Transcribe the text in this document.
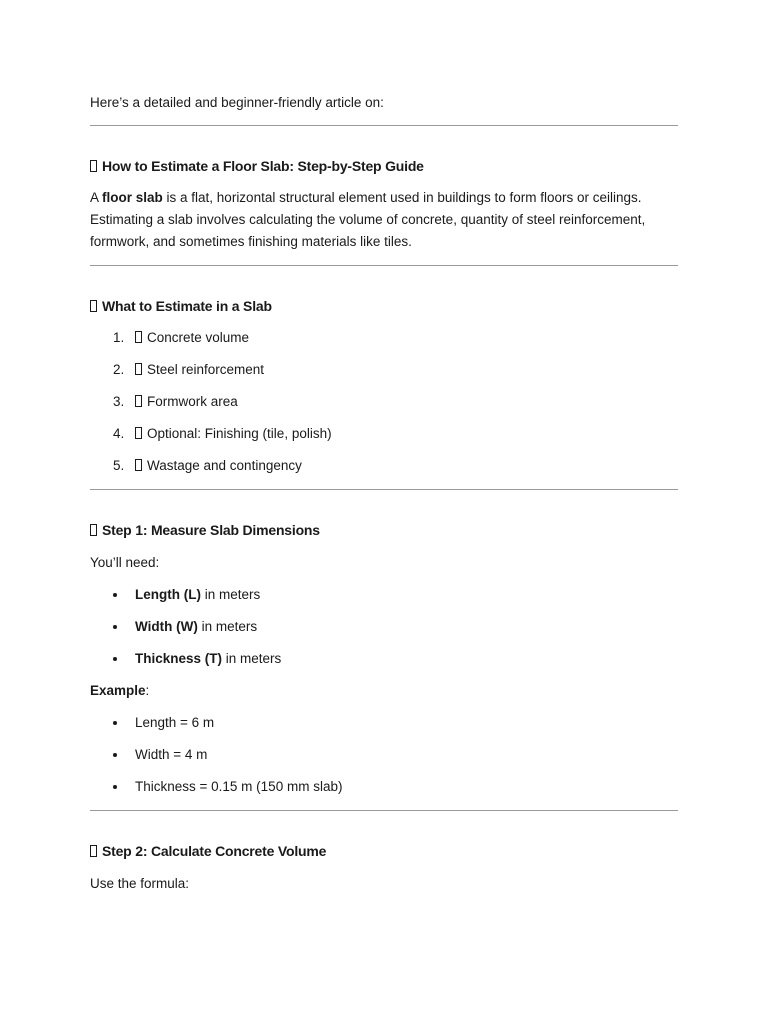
Here’s a detailed and beginner-friendly article on:
How to Estimate a Floor Slab: Step-by-Step Guide
A floor slab is a flat, horizontal structural element used in buildings to form floors or ceilings. Estimating a slab involves calculating the volume of concrete, quantity of steel reinforcement, formwork, and sometimes finishing materials like tiles.
What to Estimate in a Slab
1.	Concrete volume
2.	Steel reinforcement
3.	Formwork area
4.	Optional: Finishing (tile, polish)
5.	Wastage and contingency
Step 1: Measure Slab Dimensions
You’ll need:
Length (L) in meters
Width (W) in meters
Thickness (T) in meters
Example:
Length = 6 m
Width = 4 m
Thickness = 0.15 m (150 mm slab)
Step 2: Calculate Concrete Volume
Use the formula:
